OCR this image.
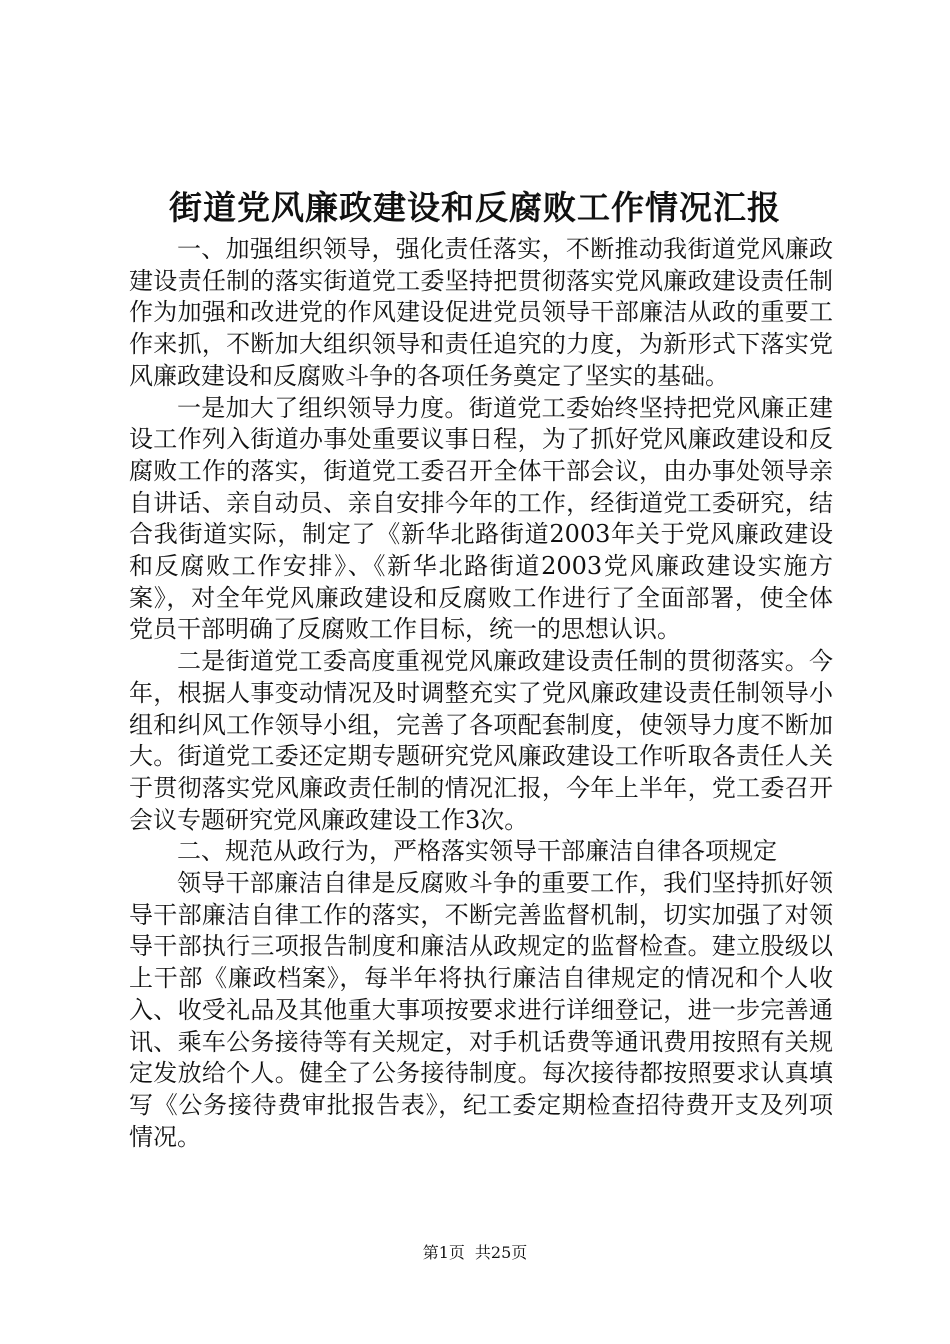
街道党风廉政建设和反腐败工作情况汇报

一、加强组织领导，强化责任落实，不断推动我街道党风廉政建设责任制的落实街道党工委坚持把贯彻落实党风廉政建设责任制作为加强和改进党的作风建设促进党员领导干部廉洁从政的重要工作来抓，不断加大组织领导和责任追究的力度，为新形式下落实党风廉政建设和反腐败斗争的各项任务奠定了坚实的基础。

一是加大了组织领导力度。街道党工委始终坚持把党风廉正建设工作列入街道办事处重要议事日程，为了抓好党风廉政建设和反腐败工作的落实，街道党工委召开全体干部会议，由办事处领导亲自讲话、亲自动员、亲自安排今年的工作，经街道党工委研究，结合我街道实际，制定了《新华北路街道2003年关于党风廉政建设和反腐败工作安排》、《新华北路街道2003党风廉政建设实施方案》，对全年党风廉政建设和反腐败工作进行了全面部署，使全体党员干部明确了反腐败工作目标，统一的思想认识。

二是街道党工委高度重视党风廉政建设责任制的贯彻落实。今年，根据人事变动情况及时调整充实了党风廉政建设责任制领导小组和纠风工作领导小组，完善了各项配套制度，使领导力度不断加大。街道党工委还定期专题研究党风廉政建设工作听取各责任人关于贯彻落实党风廉政责任制的情况汇报，今年上半年，党工委召开会议专题研究党风廉政建设工作3次。

二、规范从政行为，严格落实领导干部廉洁自律各项规定

领导干部廉洁自律是反腐败斗争的重要工作，我们坚持抓好领导干部廉洁自律工作的落实，不断完善监督机制，切实加强了对领导干部执行三项报告制度和廉洁从政规定的监督检查。建立股级以上干部《廉政档案》，每半年将执行廉洁自律规定的情况和个人收入、收受礼品及其他重大事项按要求进行详细登记，进一步完善通讯、乘车公务接待等有关规定，对手机话费等通讯费用按照有关规定发放给个人。健全了公务接待制度。每次接待都按照要求认真填写《公务接待费审批报告表》，纪工委定期检查招待费开支及列项情况。

第1页 共25页
